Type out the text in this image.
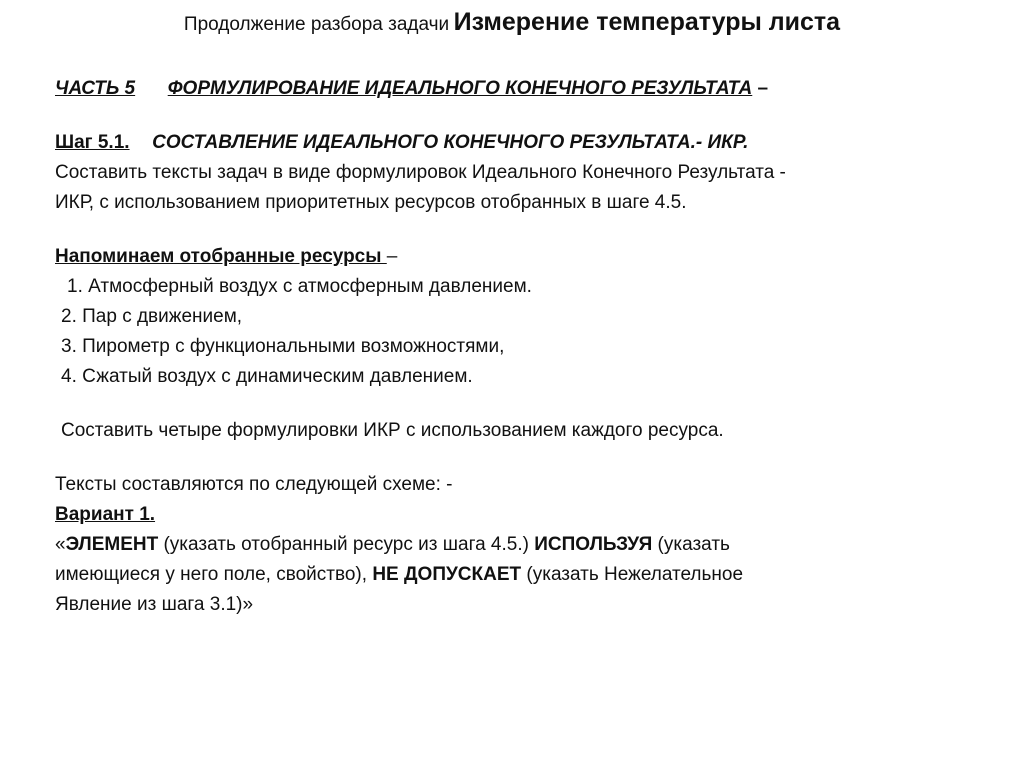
Продолжение разбора задачи Измерение температуры листа
ЧАСТЬ 5 ФОРМУЛИРОВАНИЕ ИДЕАЛЬНОГО КОНЕЧНОГО РЕЗУЛЬТАТА –
Шаг 5.1. СОСТАВЛЕНИЕ ИДЕАЛЬНОГО КОНЕЧНОГО РЕЗУЛЬТАТА.- ИКР.
Составить тексты задач в виде формулировок Идеального Конечного Результата -
ИКР, с использованием приоритетных ресурсов отобранных в шаге 4.5.
Напоминаем отобранные ресурсы –
1. Атмосферный воздух с атмосферным давлением.
2. Пар с движением,
3. Пирометр с функциональными возможностями,
4. Сжатый воздух с динамическим давлением.
Составить четыре формулировки ИКР с использованием каждого ресурса.
Тексты составляются по следующей схеме: -
Вариант 1.
«ЭЛЕМЕНТ (указать отобранный ресурс из шага 4.5.) ИСПОЛЬЗУЯ (указать
имеющиеся у него поле, свойство), НЕ ДОПУСКАЕТ (указать Нежелательное
Явление из шага 3.1)»
